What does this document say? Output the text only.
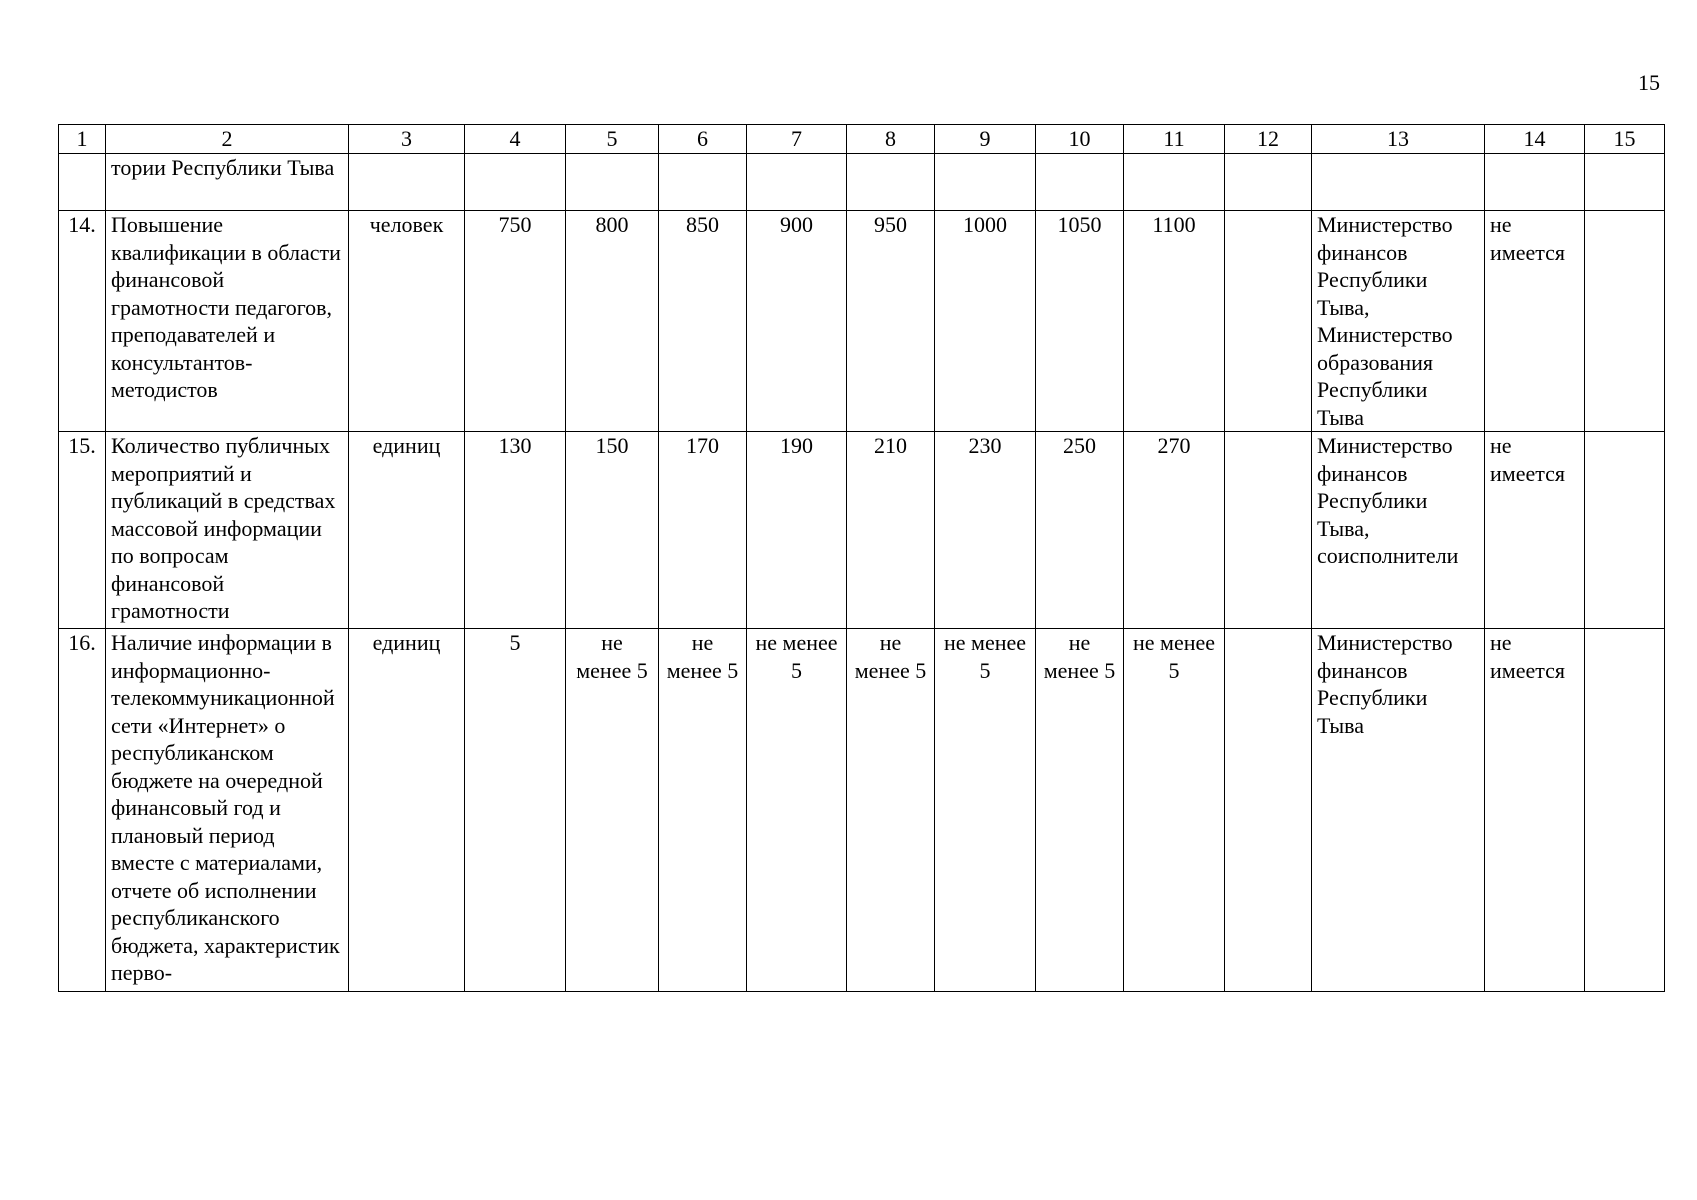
15
1	2	3	4	5	6	7	8	9	10	11	12	13	14	15
	тории Республики Тыва													
14.	Повышение квалификации в области финансовой грамотности педагогов, преподавателей и консультантов-методистов	человек	750	800	850	900	950	1000	1050	1100		Министерство финансов Республики Тыва, Министерство образования Республики Тыва	не имеется	
15.	Количество публичных мероприятий и публикаций в средствах массовой информации по вопросам финансовой грамотности	единиц	130	150	170	190	210	230	250	270		Министерство финансов Республики Тыва, соисполнители	не имеется	
16.	Наличие информации в информационно-телекоммуникационной сети «Интернет» о республиканском бюджете на очередной финансовый год и плановый период вместе с материалами, отчете об исполнении республиканского бюджета, характеристик перво-	единиц	5	не менее 5	не менее 5	не менее 5	не менее 5	не менее 5	не менее 5	не менее 5		Министерство финансов Республики Тыва	не имеется	
